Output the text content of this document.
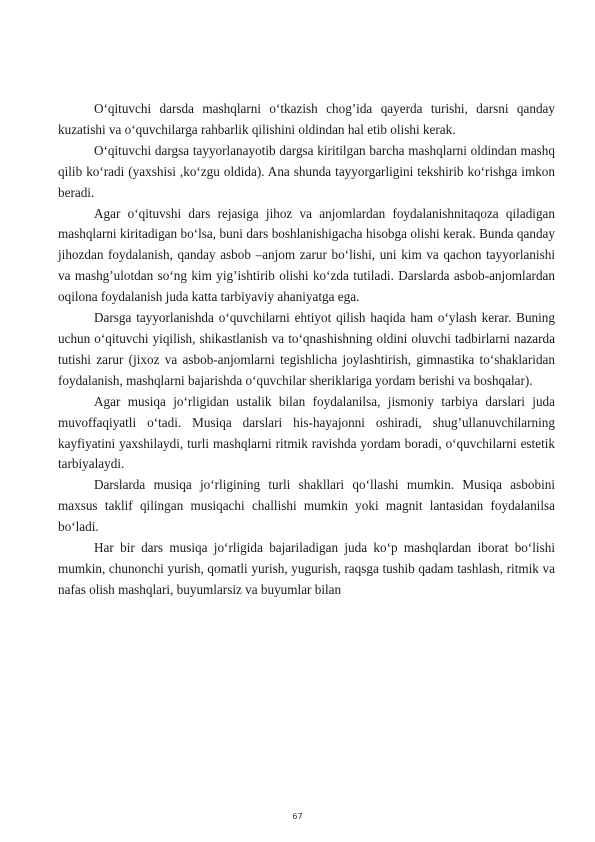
O‘qituvchi darsda mashqlarni o‘tkazish chog’ida qayerda turishi, darsni qanday kuzatishi va o‘quvchilarga rahbarlik qilishini oldindan hal etib olishi kerak.

O‘qituvchi dargsa tayyorlanayotib dargsa kiritilgan barcha mashqlarni oldindan mashq qilib ko‘radi (yaxshisi ,ko‘zgu oldida). Ana shunda tayyorgarligini tekshirib ko‘rishga imkon beradi.

Agar o‘qituvshi dars rejasiga jihoz va anjomlardan foydalanishnitaqoza qiladigan mashqlarni kiritadigan bo‘lsa, buni dars boshlanishigacha hisobga olishi kerak. Bunda qanday jihozdan foydalanish, qanday asbob –anjom zarur bo‘lishi, uni kim va qachon tayyorlanishi va mashg’ulotdan so‘ng kim yig’ishtirib olishi ko‘zda tutiladi. Darslarda asbob-anjomlardan oqilona foydalanish juda katta tarbiyaviy ahaniyatga ega.

Darsga tayyorlanishda o‘quvchilarni ehtiyot qilish haqida ham o‘ylash kerar. Buning uchun o‘qituvchi yiqilish, shikastlanish va to‘qnashishning oldini oluvchi tadbirlarni nazarda tutishi zarur (jixoz va asbob-anjomlarni tegishlicha joylashtirish, gimnastika to‘shaklaridan foydalanish, mashqlarni bajarishda o‘quvchilar sheriklariga yordam berishi va boshqalar).

Agar musiqa jo‘rligidan ustalik bilan foydalanilsa, jismoniy tarbiya darslari juda muvoffaqiyatli o‘tadi. Musiqa darslari his-hayajonni oshiradi, shug’ullanuvchilarning kayfiyatini yaxshilaydi, turli mashqlarni ritmik ravishda yordam boradi, o‘quvchilarni estetik tarbiyalaydi.

Darslarda musiqa jo‘rligining turli shakllari qo‘llashi mumkin. Musiqa asbobini maxsus taklif qilingan musiqachi challishi mumkin yoki magnit lantasidan foydalanilsa bo‘ladi.

Har bir dars musiqa jo‘rligida bajariladigan juda ko‘p mashqlardan iborat bo‘lishi mumkin, chunonchi yurish, qomatli yurish, yugurish, raqsga tushib qadam tashlash, ritmik va nafas olish mashqlari, buyumlarsiz va buyumlar bilan

67
